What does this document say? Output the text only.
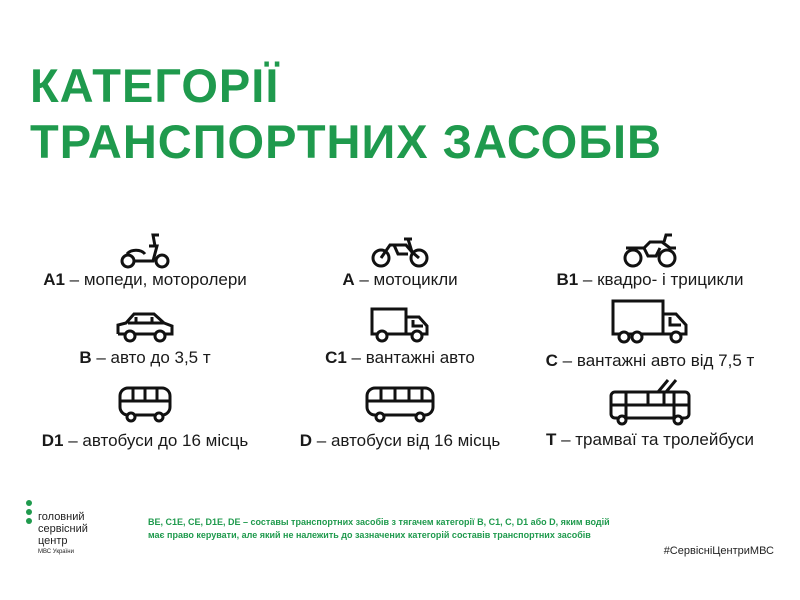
КАТЕГОРІЇ
ТРАНСПОРТНИХ ЗАСОБІВ
A1 – мопеди, моторолери	A – мотоцикли	B1 – квадро- і трицикли
B – авто до 3,5 т	C1 – вантажні авто	C – вантажні авто від 7,5 т
D1 – автобуси до 16 місць	D – автобуси від 16 місць	T – трамваї та тролейбуси
головний
сервісний
центр
МВС України
BE, C1E, CE, D1E, DE – составы транспортних засобів з тягачем категорії B, C1, C, D1 або D, яким водій має право керувати, але який не належить до зазначених категорій составів транспортних засобів
#СервісніЦентриМВС
